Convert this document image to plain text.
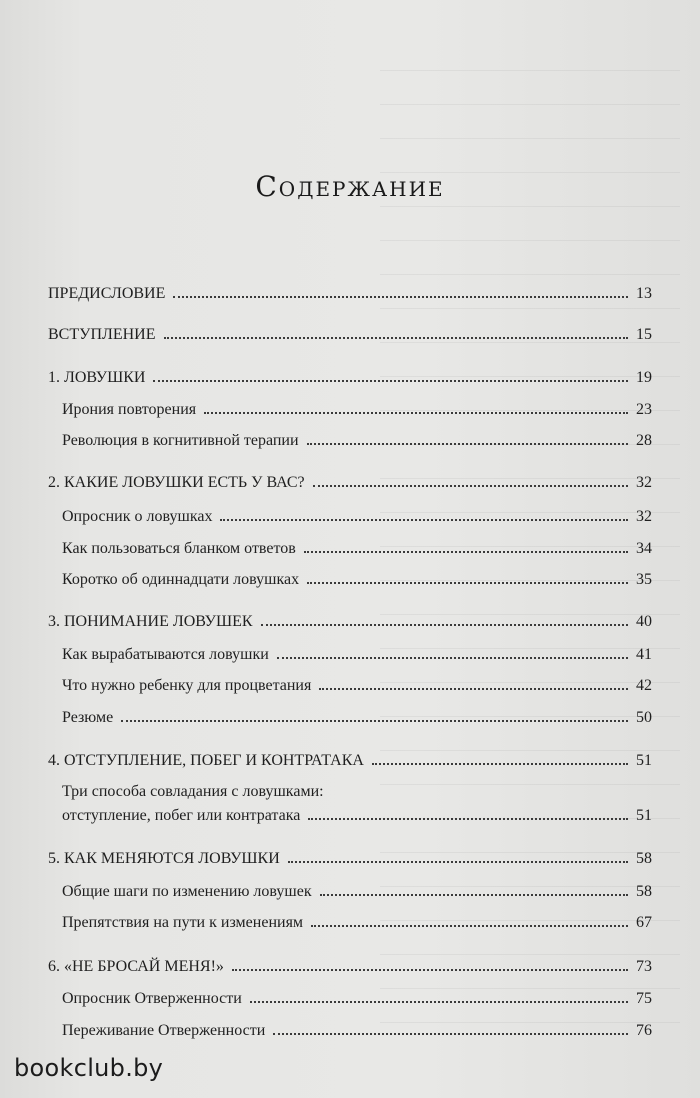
Содержание
ПРЕДИСЛОВИЕ	13
ВСТУПЛЕНИЕ	15
1. ЛОВУШКИ	19
Ирония повторения	23
Революция в когнитивной терапии	28
2. КАКИЕ ЛОВУШКИ ЕСТЬ У ВАС?	32
Опросник о ловушках	32
Как пользоваться бланком ответов	34
Коротко об одиннадцати ловушках	35
3. ПОНИМАНИЕ ЛОВУШЕК	40
Как вырабатываются ловушки	41
Что нужно ребенку для процветания	42
Резюме	50
4. ОТСТУПЛЕНИЕ, ПОБЕГ И КОНТРАТАКА	51
Три способа совладания с ловушками:
отступление, побег или контратака	51
5. КАК МЕНЯЮТСЯ ЛОВУШКИ	58
Общие шаги по изменению ловушек	58
Препятствия на пути к изменениям	67
6. «НЕ БРОСАЙ МЕНЯ!»	73
Опросник Отверженности	75
Переживание Отверженности	76
bookclub.by
